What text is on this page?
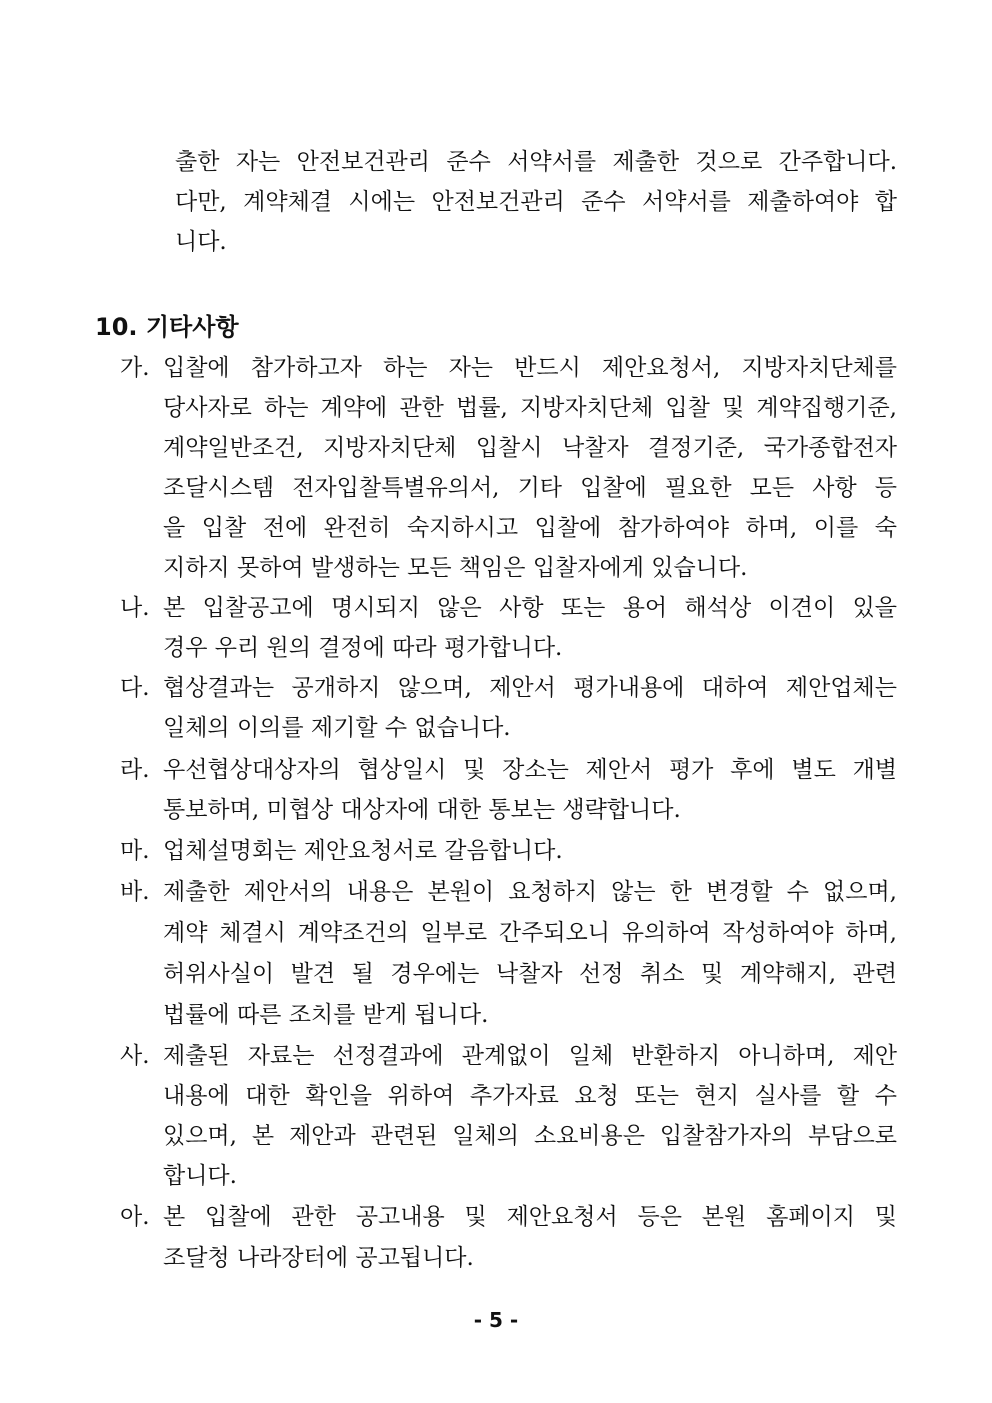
출한 자는 안전보건관리 준수 서약서를 제출한 것으로 간주합니다.
다만, 계약체결 시에는 안전보건관리 준수 서약서를 제출하여야 합
니다.
10. 기타사항
가. 입찰에 참가하고자 하는 자는 반드시 제안요청서, 지방자치단체를
당사자로 하는 계약에 관한 법률, 지방자치단체 입찰 및 계약집행기준,
계약일반조건, 지방자치단체 입찰시 낙찰자 결정기준, 국가종합전자
조달시스템 전자입찰특별유의서, 기타 입찰에 필요한 모든 사항 등
을 입찰 전에 완전히 숙지하시고 입찰에 참가하여야 하며, 이를 숙
지하지 못하여 발생하는 모든 책임은 입찰자에게 있습니다.
나. 본 입찰공고에 명시되지 않은 사항 또는 용어 해석상 이견이 있을
경우 우리 원의 결정에 따라 평가합니다.
다. 협상결과는 공개하지 않으며, 제안서 평가내용에 대하여 제안업체는
일체의 이의를 제기할 수 없습니다.
라. 우선협상대상자의 협상일시 및 장소는 제안서 평가 후에 별도 개별
통보하며, 미협상 대상자에 대한 통보는 생략합니다.
마. 업체설명회는 제안요청서로 갈음합니다.
바. 제출한 제안서의 내용은 본원이 요청하지 않는 한 변경할 수 없으며,
계약 체결시 계약조건의 일부로 간주되오니 유의하여 작성하여야 하며,
허위사실이 발견 될 경우에는 낙찰자 선정 취소 및 계약해지, 관련
법률에 따른 조치를 받게 됩니다.
사. 제출된 자료는 선정결과에 관계없이 일체 반환하지 아니하며, 제안
내용에 대한 확인을 위하여 추가자료 요청 또는 현지 실사를 할 수
있으며, 본 제안과 관련된 일체의 소요비용은 입찰참가자의 부담으로
합니다.
아. 본 입찰에 관한 공고내용 및 제안요청서 등은 본원 홈페이지 및
조달청 나라장터에 공고됩니다.
- 5 -
